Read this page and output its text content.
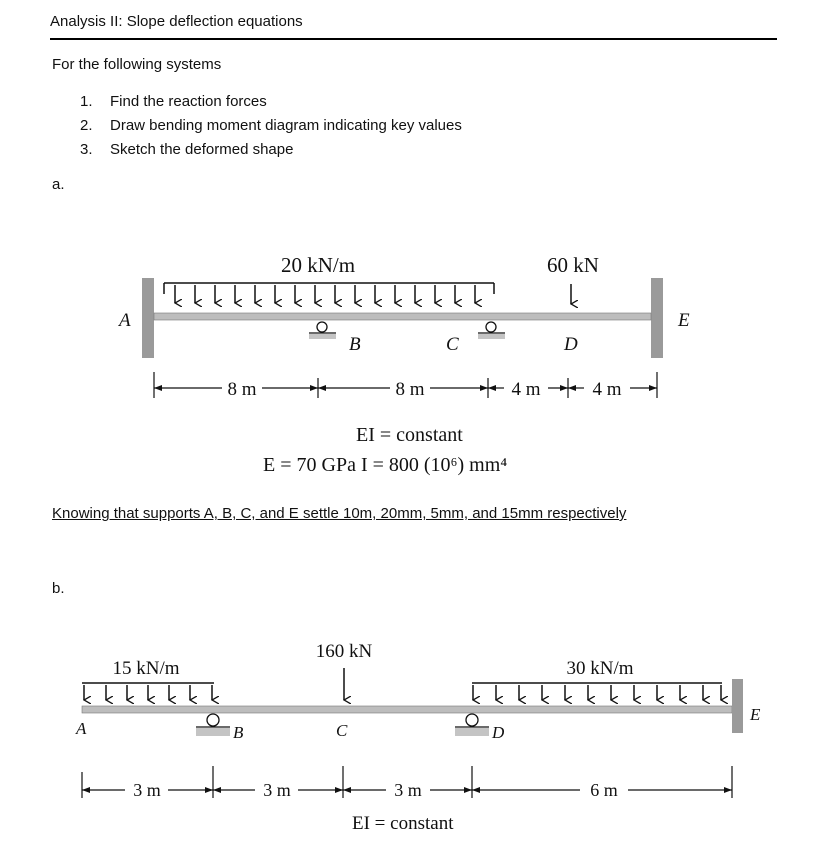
Analysis II: Slope deflection equations
For the following systems
1. Find the reaction forces
2. Draw bending moment diagram indicating key values
3. Sketch the deformed shape
a.
Knowing that supports A, B, C, and E settle 10m, 20mm, 5mm, and 15mm respectively
b.
20 kN/m	60 kN
A
B	C	D
E
8 m	8 m	4 m	4 m
EI = constant
E = 70 GPa I = 800 (10⁶) mm⁴
15 kN/m
160 kN
30 kN/m
A	B	C	D
E
3 m	3 m	3 m	6 m
EI = constant
